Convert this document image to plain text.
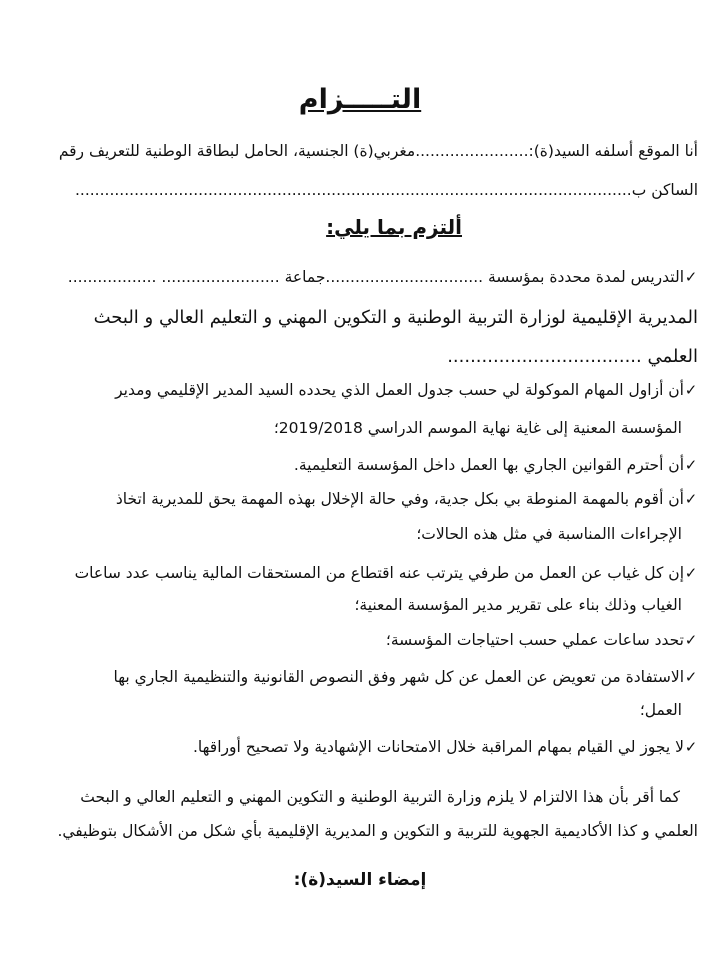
التـــــزام
أنا الموقع أسلفه السيد(ة):.......................مغربي(ة) الجنسية، الحامل لبطاقة الوطنية للتعريف رقم
الساكن ب.................................................................................................................
ألتزم بما يلي:
✓التدريس لمدة محددة بمؤسسة ................................جماعة ........................ ..................
المديرية الإقليمية لوزارة التربية الوطنية و التكوين المهني و التعليم العالي و البحث
العلمي ..................................
✓أن أزاول المهام الموكولة لي حسب جدول العمل الذي يحدده السيد المدير الإقليمي ومدير
المؤسسة المعنية إلى غاية نهاية الموسم الدراسي 2019/2018؛
✓أن أحترم القوانين الجاري بها العمل داخل المؤسسة التعليمية.
✓أن أقوم بالمهمة المنوطة بي بكل جدية، وفي حالة الإخلال بهذه المهمة يحق للمديرية اتخاذ
الإجراءات االمناسبة في مثل هذه الحالات؛
✓إن كل غياب عن العمل من طرفي يترتب عنه اقتطاع من المستحقات المالية يناسب عدد ساعات
الغياب وذلك بناء على تقرير مدير المؤسسة المعنية؛
✓تحدد ساعات عملي حسب احتياجات المؤسسة؛
✓الاستفادة من تعويض عن العمل عن كل شهر وفق النصوص القانونية والتنظيمية الجاري بها
العمل؛
✓لا يجوز لي القيام بمهام المراقبة خلال الامتحانات الإشهادية ولا تصحيح أوراقها.
كما أقر بأن هذا الالتزام لا يلزم وزارة التربية الوطنية و التكوين المهني و التعليم العالي و البحث
العلمي و كذا الأكاديمية الجهوية للتربية و التكوين و المديرية الإقليمية بأي شكل من الأشكال بتوظيفي.
إمضاء السيد(ة):
